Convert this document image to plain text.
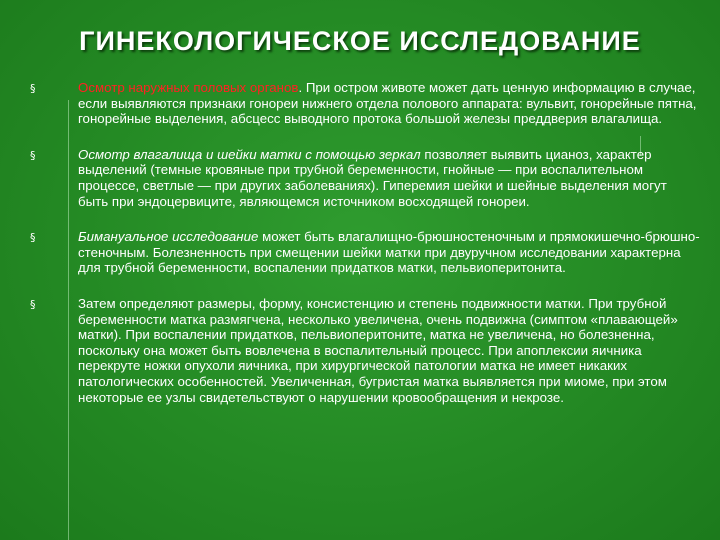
ГИНЕКОЛОГИЧЕСКОЕ ИССЛЕДОВАНИЕ
§	Осмотр наружных половых органов. При остром животе может дать ценную информацию в случае, если выявляются признаки гонореи нижнего отдела полового аппарата: вульвит, гонорейные пятна, гонорейные выделения, абсцесс выводного протока большой железы преддверия влагалища.
§	Осмотр влагалища и шейки матки с помощью зеркал позволяет выявить цианоз, характер выделений (темные кровяные при трубной беременности, гнойные — при воспалительном процессе, светлые — при других заболеваниях). Гиперемия шейки и шейные выделения могут быть при эндоцервиците, являющемся источником восходящей гонореи.
§	Бимануальное исследование может быть влагалищно-брюшностеночным и прямокишечно-брюшно-стеночным. Болезненность при смещении шейки матки при двуручном исследовании характерна для трубной беременности, воспалении придатков матки, пельвиоперитонита.
§	Затем определяют размеры, форму, консистенцию и степень подвижности матки. При трубной беременности матка размягчена, несколько увеличена, очень подвижна (симптом «плавающей» матки). При воспалении придатков, пельвиоперитоните, матка не увеличена, но болезненна, поскольку она может быть вовлечена в воспалительный процесс. При апоплексии яичника перекруте ножки опухоли яичника, при хирургической патологии матка не имеет никаких патологических особенностей. Увеличенная, бугристая матка выявляется при миоме, при этом некоторые ее узлы свидетельствуют о нарушении кровообращения и некрозе.
